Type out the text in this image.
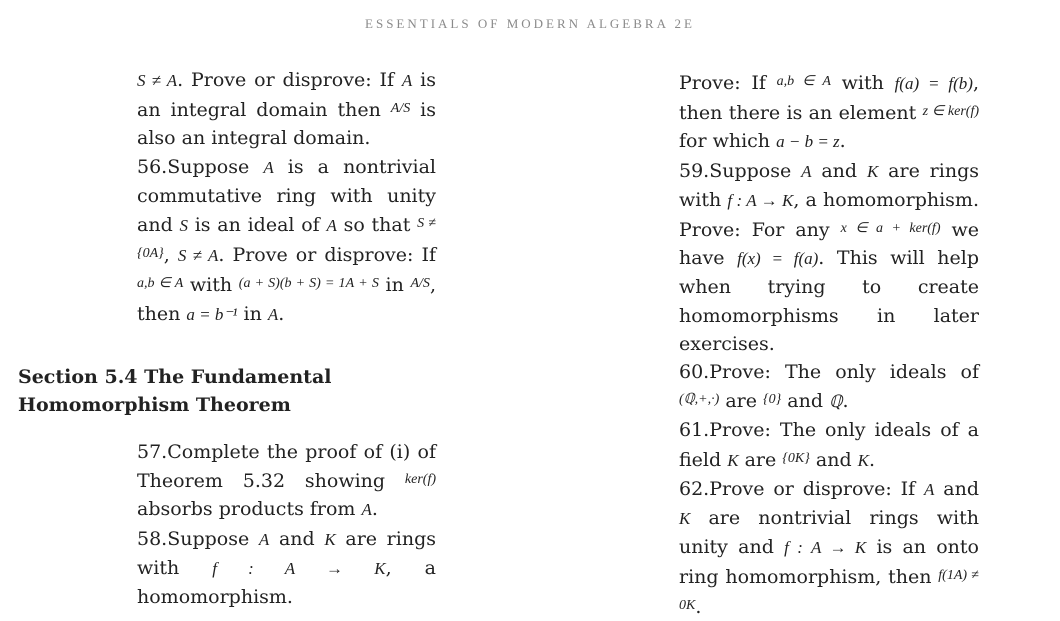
ESSENTIALS OF MODERN ALGEBRA 2E

S ≠ A. Prove or disprove: If A is an integral domain then $^{A/S}$ is also an integral domain.

56.Suppose A is a nontrivial commutative ring with unity and S is an ideal of A so that $^{S \ne \{0}_A$}, S ≠ A. Prove or disprove: If $^{a,b \in A}$ with $^{(a + S)(b + S) = 1}_A$ $^{+ S}$ in $^{A/S}$, then a = b⁻¹ in A.

Section 5.4 The Fundamental Homomorphism Theorem

57.Complete the proof of (i) of Theorem 5.32 showing $^{ker(f)}$ absorbs products from A.

58.Suppose A and K are rings with f : A → K, a homomorphism.

Prove: If $^{a,b \in A}$ with f(a) = f(b), then there is an element $^{z \in ker(f)}$ for which a − b = z.

59.Suppose A and K are rings with f : A → K, a homomorphism. Prove: For any $^{x \in a + ker(f)}$ we have f(x) = f(a). This will help when trying to create homomorphisms in later exercises.

60.Prove: The only ideals of $^{(ℚ,+,\cdot)}$ are $^{\{0\}}$ and ℚ.

61.Prove: The only ideals of a field K are $^{\{0}_K$} and K.

62.Prove or disprove: If A and K are nontrivial rings with unity and f : A → K is an onto ring homomorphism, then $^{f(1}_A^{) \ne 0}_K$.
